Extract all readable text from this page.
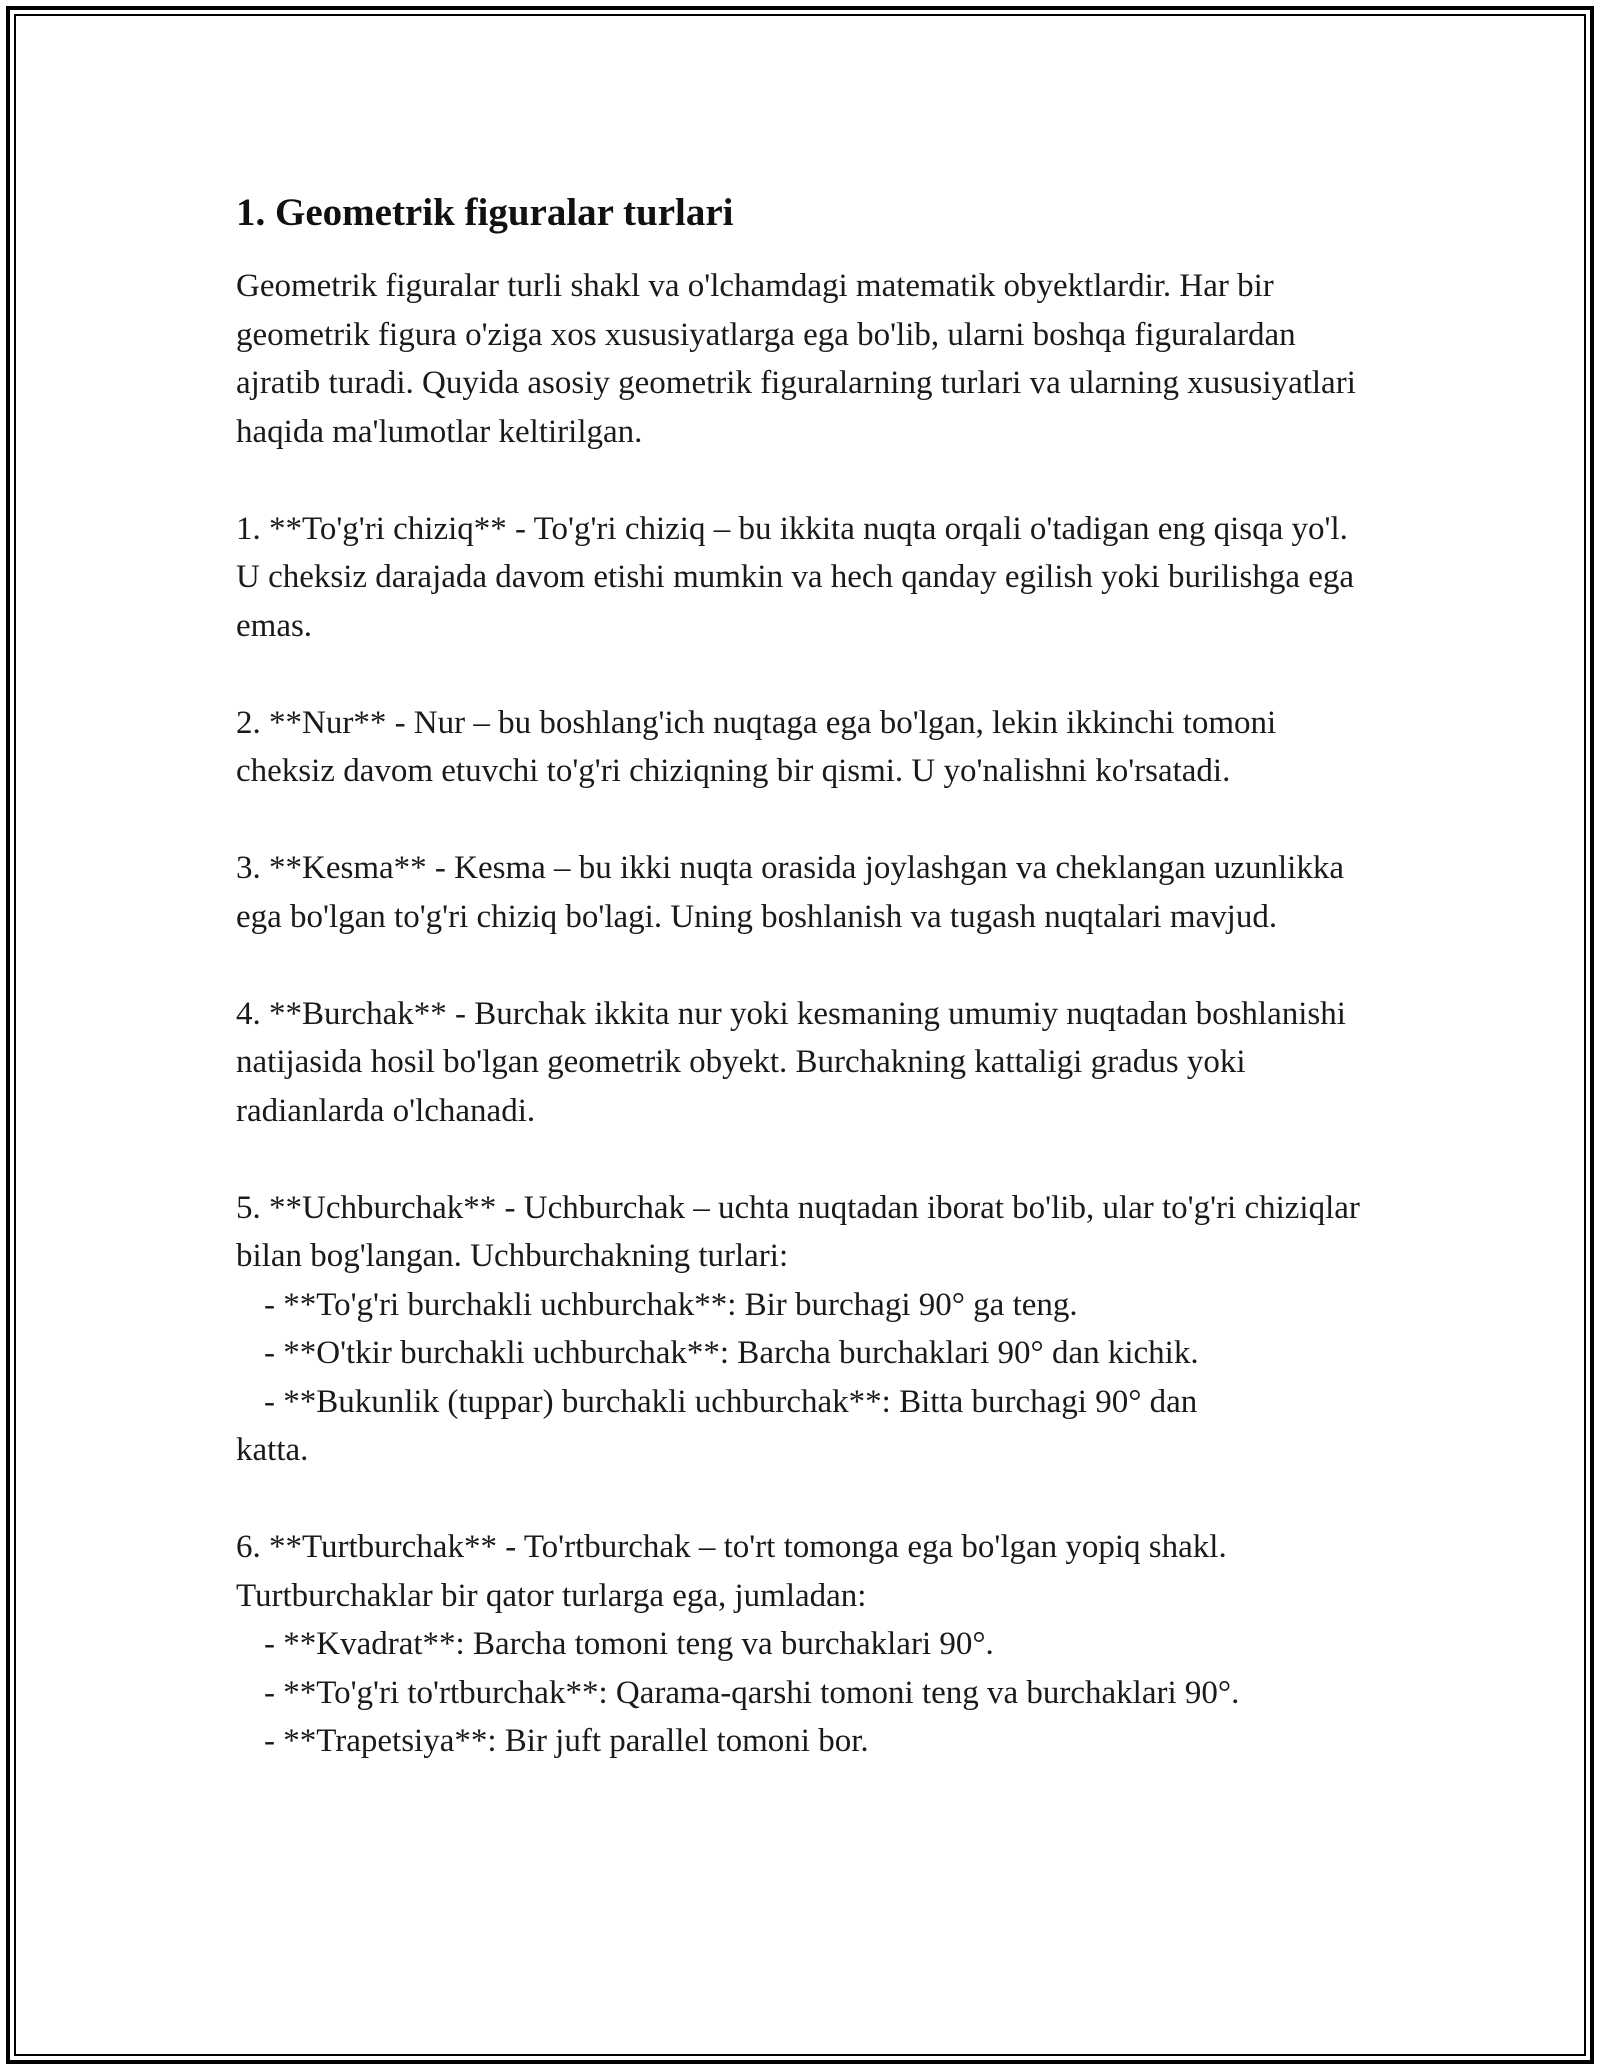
1. Geometrik figuralar turlari

Geometrik figuralar turli shakl va o'lchamdagi matematik obyektlardir. Har bir geometrik figura o'ziga xos xususiyatlarga ega bo'lib, ularni boshqa figuralardan ajratib turadi. Quyida asosiy geometrik figuralarning turlari va ularning xususiyatlari haqida ma'lumotlar keltirilgan.

1. **To'g'ri chiziq** - To'g'ri chiziq – bu ikkita nuqta orqali o'tadigan eng qisqa yo'l. U cheksiz darajada davom etishi mumkin va hech qanday egilish yoki burilishga ega emas.

2. **Nur** - Nur – bu boshlang'ich nuqtaga ega bo'lgan, lekin ikkinchi tomoni cheksiz davom etuvchi to'g'ri chiziqning bir qismi. U yo'nalishni ko'rsatadi.

3. **Kesma** - Kesma – bu ikki nuqta orasida joylashgan va cheklangan uzunlikka ega bo'lgan to'g'ri chiziq bo'lagi. Uning boshlanish va tugash nuqtalari mavjud.

4. **Burchak** - Burchak ikkita nur yoki kesmaning umumiy nuqtadan boshlanishi natijasida hosil bo'lgan geometrik obyekt. Burchakning kattaligi gradus yoki radianlarda o'lchanadi.

5. **Uchburchak** - Uchburchak – uchta nuqtadan iborat bo'lib, ular to'g'ri chiziqlar bilan bog'langan. Uchburchakning turlari:

- **To'g'ri burchakli uchburchak**: Bir burchagi 90° ga teng.

- **O'tkir burchakli uchburchak**: Barcha burchaklari 90° dan kichik.

- **Bukunlik (tuppar) burchakli uchburchak**: Bitta burchagi 90° dan

katta.

6. **Turtburchak** - To'rtburchak – to'rt tomonga ega bo'lgan yopiq shakl. Turtburchaklar bir qator turlarga ega, jumladan:

- **Kvadrat**: Barcha tomoni teng va burchaklari 90°.

- **To'g'ri to'rtburchak**: Qarama-qarshi tomoni teng va burchaklari 90°.

- **Trapetsiya**: Bir juft parallel tomoni bor.
